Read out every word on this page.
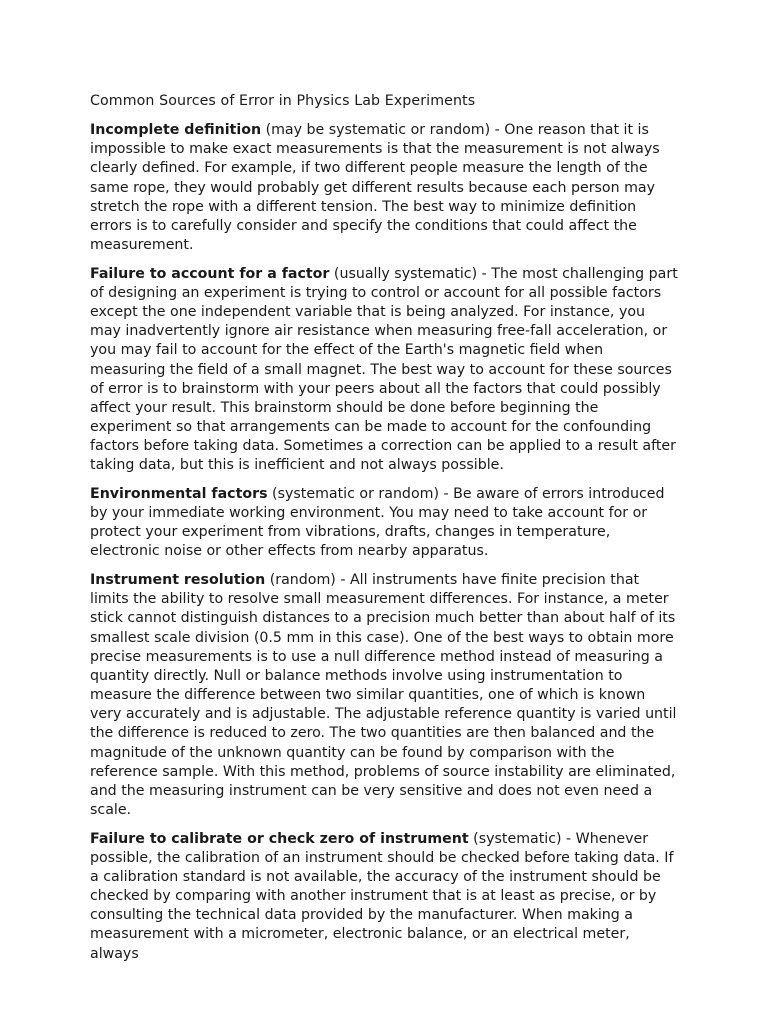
Common Sources of Error in Physics Lab Experiments

Incomplete definition (may be systematic or random) - One reason that it is impossible to make exact measurements is that the measurement is not always clearly defined. For example, if two different people measure the length of the same rope, they would probably get different results because each person may stretch the rope with a different tension. The best way to minimize definition errors is to carefully consider and specify the conditions that could affect the measurement.

Failure to account for a factor (usually systematic) - The most challenging part of designing an experiment is trying to control or account for all possible factors except the one independent variable that is being analyzed. For instance, you may inadvertently ignore air resistance when measuring free-fall acceleration, or you may fail to account for the effect of the Earth's magnetic field when measuring the field of a small magnet. The best way to account for these sources of error is to brainstorm with your peers about all the factors that could possibly affect your result. This brainstorm should be done before beginning the experiment so that arrangements can be made to account for the confounding factors before taking data. Sometimes a correction can be applied to a result after taking data, but this is inefficient and not always possible.

Environmental factors (systematic or random) - Be aware of errors introduced by your immediate working environment. You may need to take account for or protect your experiment from vibrations, drafts, changes in temperature, electronic noise or other effects from nearby apparatus.

Instrument resolution (random) - All instruments have finite precision that limits the ability to resolve small measurement differences. For instance, a meter stick cannot distinguish distances to a precision much better than about half of its smallest scale division (0.5 mm in this case). One of the best ways to obtain more precise measurements is to use a null difference method instead of measuring a quantity directly. Null or balance methods involve using instrumentation to measure the difference between two similar quantities, one of which is known very accurately and is adjustable. The adjustable reference quantity is varied until the difference is reduced to zero. The two quantities are then balanced and the magnitude of the unknown quantity can be found by comparison with the reference sample. With this method, problems of source instability are eliminated, and the measuring instrument can be very sensitive and does not even need a scale.

Failure to calibrate or check zero of instrument (systematic) - Whenever possible, the calibration of an instrument should be checked before taking data. If a calibration standard is not available, the accuracy of the instrument should be checked by comparing with another instrument that is at least as precise, or by consulting the technical data provided by the manufacturer. When making a measurement with a micrometer, electronic balance, or an electrical meter, always
